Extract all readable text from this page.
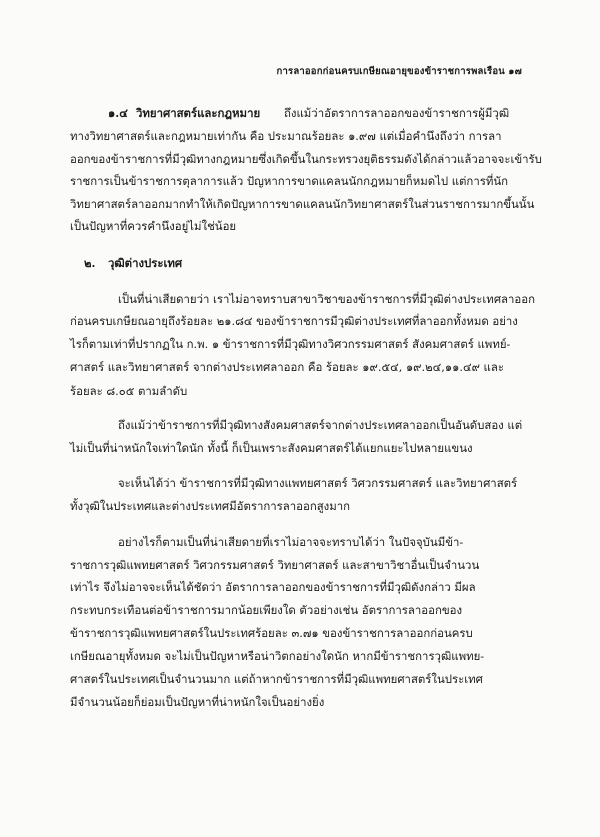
การลาออกก่อนครบเกษียณอายุของข้าราชการพลเรือน ๑๗
๑.๔ วิทยาศาสตร์และกฎหมาย ถึงแม้ว่าอัตราการลาออกของข้าราชการผู้มีวุฒิ
ทางวิทยาศาสตร์และกฎหมายเท่ากัน คือ ประมาณร้อยละ ๑.๙๗ แต่เมื่อคำนึงถึงว่า การลา
ออกของข้าราชการที่มีวุฒิทางกฎหมายซึ่งเกิดขึ้นในกระทรวงยุติธรรมดังได้กล่าวแล้วอาจจะเข้ารับ
ราชการเป็นข้าราชการตุลาการแล้ว ปัญหาการขาดแคลนนักกฎหมายก็หมดไป แต่การที่นัก
วิทยาศาสตร์ลาออกมากทำให้เกิดปัญหาการขาดแคลนนักวิทยาศาสตร์ในส่วนราชการมากขึ้นนั้น
เป็นปัญหาที่ควรคำนึงอยู่ไม่ใช่น้อย
๒. วุฒิต่างประเทศ
เป็นที่น่าเสียดายว่า เราไม่อาจทราบสาขาวิชาของข้าราชการที่มีวุฒิต่างประเทศลาออก
ก่อนครบเกษียณอายุถึงร้อยละ ๒๑.๘๔ ของข้าราชการมีวุฒิต่างประเทศที่ลาออกทั้งหมด อย่าง
ไรก็ตามเท่าที่ปรากฏใน ก.พ. ๑ ข้าราชการที่มีวุฒิทางวิศวกรรมศาสตร์ สังคมศาสตร์ แพทย์-
ศาสตร์ และวิทยาศาสตร์ จากต่างประเทศลาออก คือ ร้อยละ ๑๙.๕๔, ๑๙.๒๔,๑๑.๔๙ และ
ร้อยละ ๘.๐๕ ตามลำดับ
ถึงแม้ว่าข้าราชการที่มีวุฒิทางสังคมศาสตร์จากต่างประเทศลาออกเป็นอันดับสอง แต่
ไม่เป็นที่น่าหนักใจเท่าใดนัก ทั้งนี้ ก็เป็นเพราะสังคมศาสตร์ได้แยกแยะไปหลายแขนง
จะเห็นได้ว่า ข้าราชการที่มีวุฒิทางแพทยศาสตร์ วิศวกรรมศาสตร์ และวิทยาศาสตร์
ทั้งวุฒิในประเทศและต่างประเทศมีอัตราการลาออกสูงมาก
อย่างไรก็ตามเป็นที่น่าเสียดายที่เราไม่อาจจะทราบได้ว่า ในปัจจุบันมีข้า-
ราชการวุฒิแพทยศาสตร์ วิศวกรรมศาสตร์ วิทยาศาสตร์ และสาขาวิชาอื่นเป็นจำนวน
เท่าไร จึงไม่อาจจะเห็นได้ชัดว่า อัตราการลาออกของข้าราชการที่มีวุฒิดังกล่าว มีผล
กระทบกระเทือนต่อข้าราชการมากน้อยเพียงใด ตัวอย่างเช่น อัตราการลาออกของ
ข้าราชการวุฒิแพทยศาสตร์ในประเทศร้อยละ ๓.๗๑ ของข้าราชการลาออกก่อนครบ
เกษียณอายุทั้งหมด จะไม่เป็นปัญหาหรือน่าวิตกอย่างใดนัก หากมีข้าราชการวุฒิแพทย-
ศาสตร์ในประเทศเป็นจำนวนมาก แต่ถ้าหากข้าราชการที่มีวุฒิแพทยศาสตร์ในประเทศ
มีจำนวนน้อยก็ย่อมเป็นปัญหาที่น่าหนักใจเป็นอย่างยิ่ง
